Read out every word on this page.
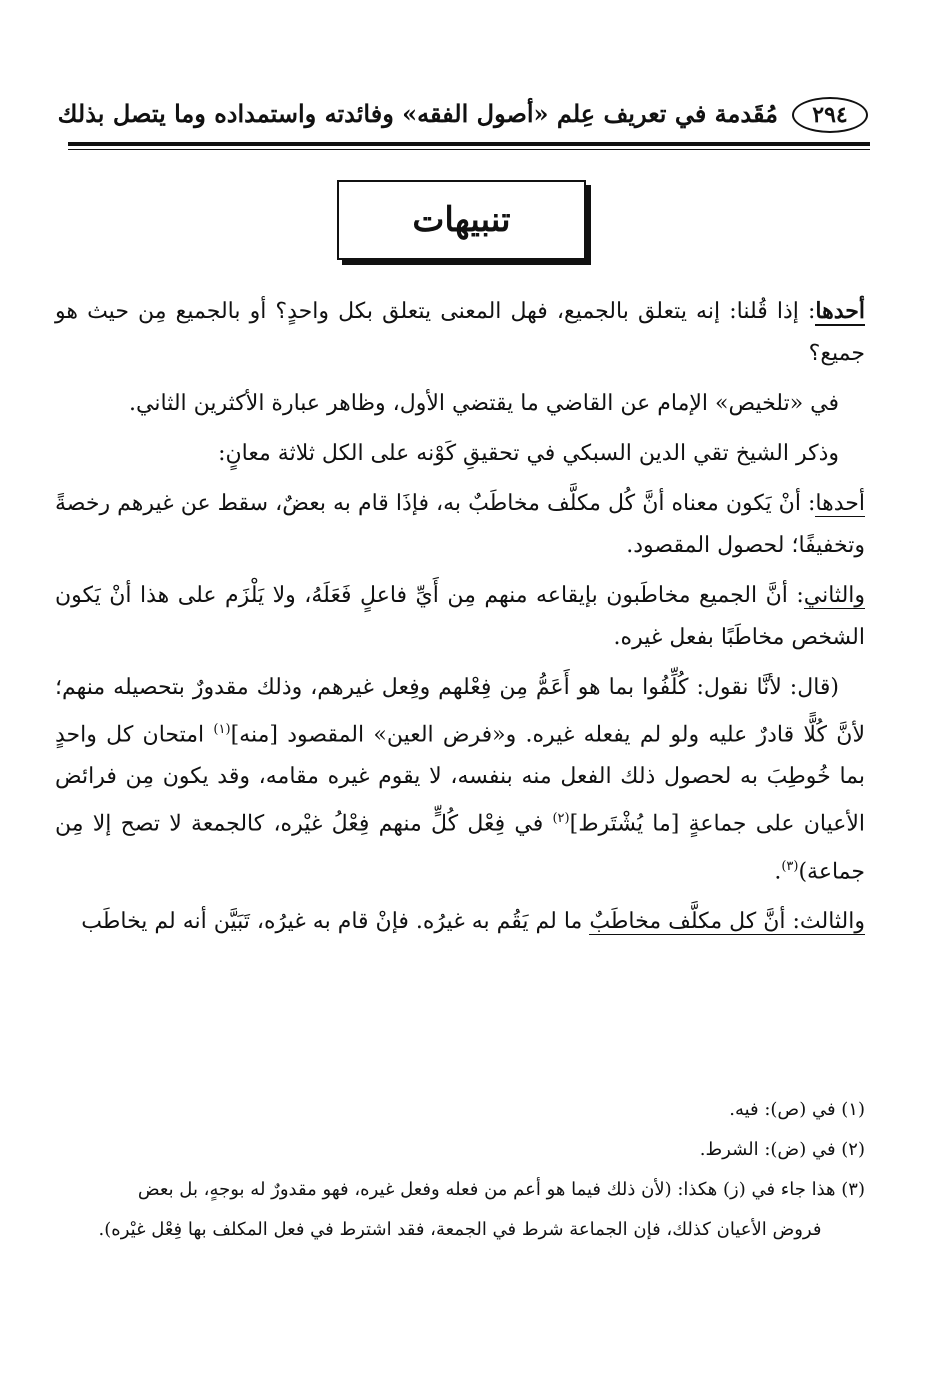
مُقَدمة في تعريف عِلم «أصول الفقه» وفائدته واستمداده وما يتصل بذلك	٢٩٤
تنبيهات

أحدها: إذا قُلنا: إنه يتعلق بالجميع، فهل المعنى يتعلق بكل واحدٍ؟ أو بالجميع مِن حيث هو جميع؟

في «تلخيص» الإمام عن القاضي ما يقتضي الأول، وظاهر عبارة الأكثرين الثاني.

وذكر الشيخ تقي الدين السبكي في تحقيقِ كَوْنه على الكل ثلاثة معانٍ:

أحدها: أنْ يَكون معناه أنَّ كُل مكلَّف مخاطَبٌ به، فإذَا قام به بعضٌ، سقط عن غيرهم رخصةً وتخفيفًا؛ لحصول المقصود.

والثاني: أنَّ الجميع مخاطَبون بإيقاعه منهم مِن أَيِّ فاعلٍ فَعَلَهُ، ولا يَلْزَم على هذا أنْ يَكون الشخص مخاطَبًا بفعل غيره.

(قال: لأنَّا نقول: كُلِّفُوا بما هو أَعَمُّ مِن فِعْلهم وفِعل غيرهم، وذلك مقدورٌ بتحصيله منهم؛ لأنَّ كُلًّا قادرٌ عليه ولو لم يفعله غيره. و«فرض العين» المقصود [منه]$^{(١)}$ امتحان كل واحدٍ بما خُوطِبَ به لحصول ذلك الفعل منه بنفسه، لا يقوم غيره مقامه، وقد يكون مِن فرائض الأعيان على جماعةٍ [ما يُشْتَرط]$^{(٢)}$ في فِعْل كُلٍّ منهم فِعْلُ غيْره، كالجمعة لا تصح إلا مِن جماعة)$^{(٣)}$.

والثالث: أنَّ كل مكلَّف مخاطَبٌ ما لم يَقُم به غيرُه. فإنْ قام به غيرُه، تَبَيَّن أنه لم يخاطَب

(١) في (ص): فيه.

(٢) في (ض): الشرط.

(٣) هذا جاء في (ز) هكذا: (لأن ذلك فيما هو أعم من فعله وفعل غيره، فهو مقدورٌ له بوجهٍ، بل بعض

فروض الأعيان كذلك، فإن الجماعة شرط في الجمعة، فقد اشترط في فعل المكلف بها فِعْل غيْره).
